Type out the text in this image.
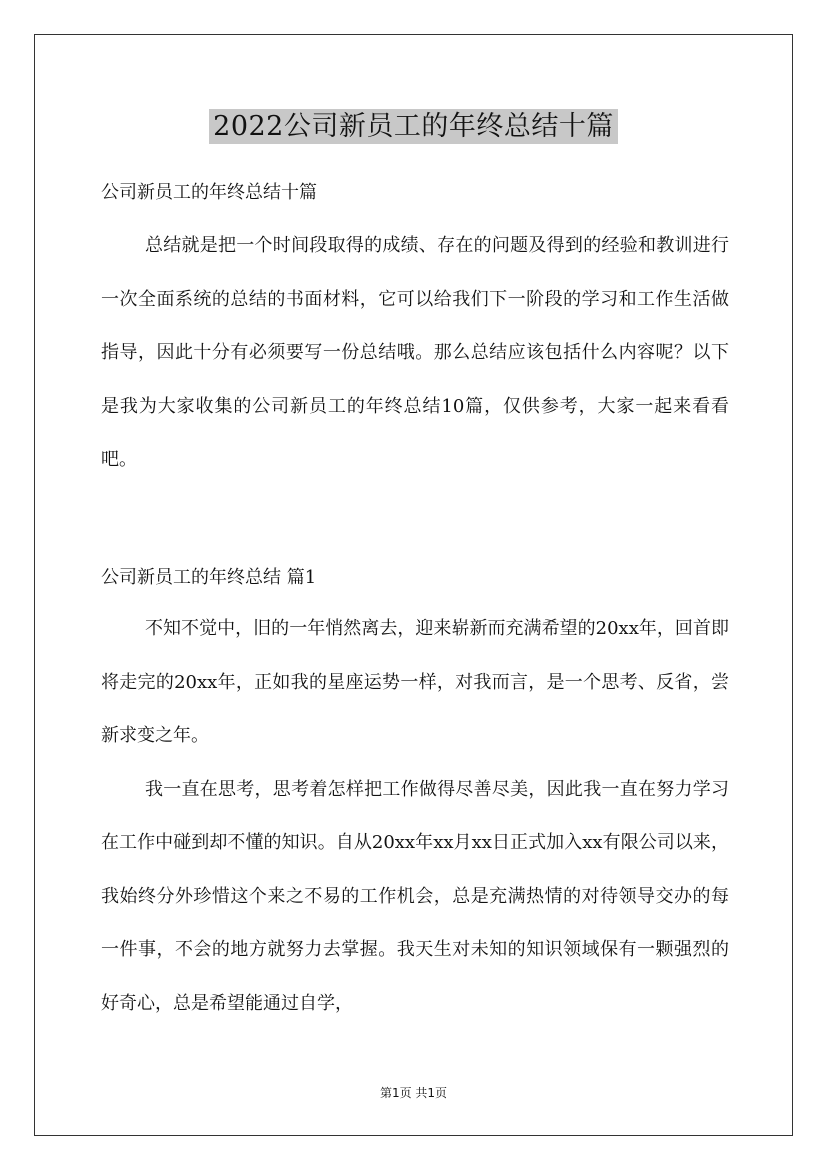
2022公司新员工的年终总结十篇
公司新员工的年终总结十篇

总结就是把一个时间段取得的成绩、存在的问题及得到的经验和教训进行一次全面系统的总结的书面材料，它可以给我们下一阶段的学习和工作生活做指导，因此十分有必须要写一份总结哦。那么总结应该包括什么内容呢？以下是我为大家收集的公司新员工的年终总结10篇，仅供参考，大家一起来看看吧。

公司新员工的年终总结 篇1

不知不觉中，旧的一年悄然离去，迎来崭新而充满希望的20xx年，回首即将走完的20xx年，正如我的星座运势一样，对我而言，是一个思考、反省，尝新求变之年。

我一直在思考，思考着怎样把工作做得尽善尽美，因此我一直在努力学习在工作中碰到却不懂的知识。自从20xx年xx月xx日正式加入xx有限公司以来，我始终分外珍惜这个来之不易的工作机会，总是充满热情的对待领导交办的每一件事，不会的地方就努力去掌握。我天生对未知的知识领域保有一颗强烈的好奇心，总是希望能通过自学，

第1页 共1页
